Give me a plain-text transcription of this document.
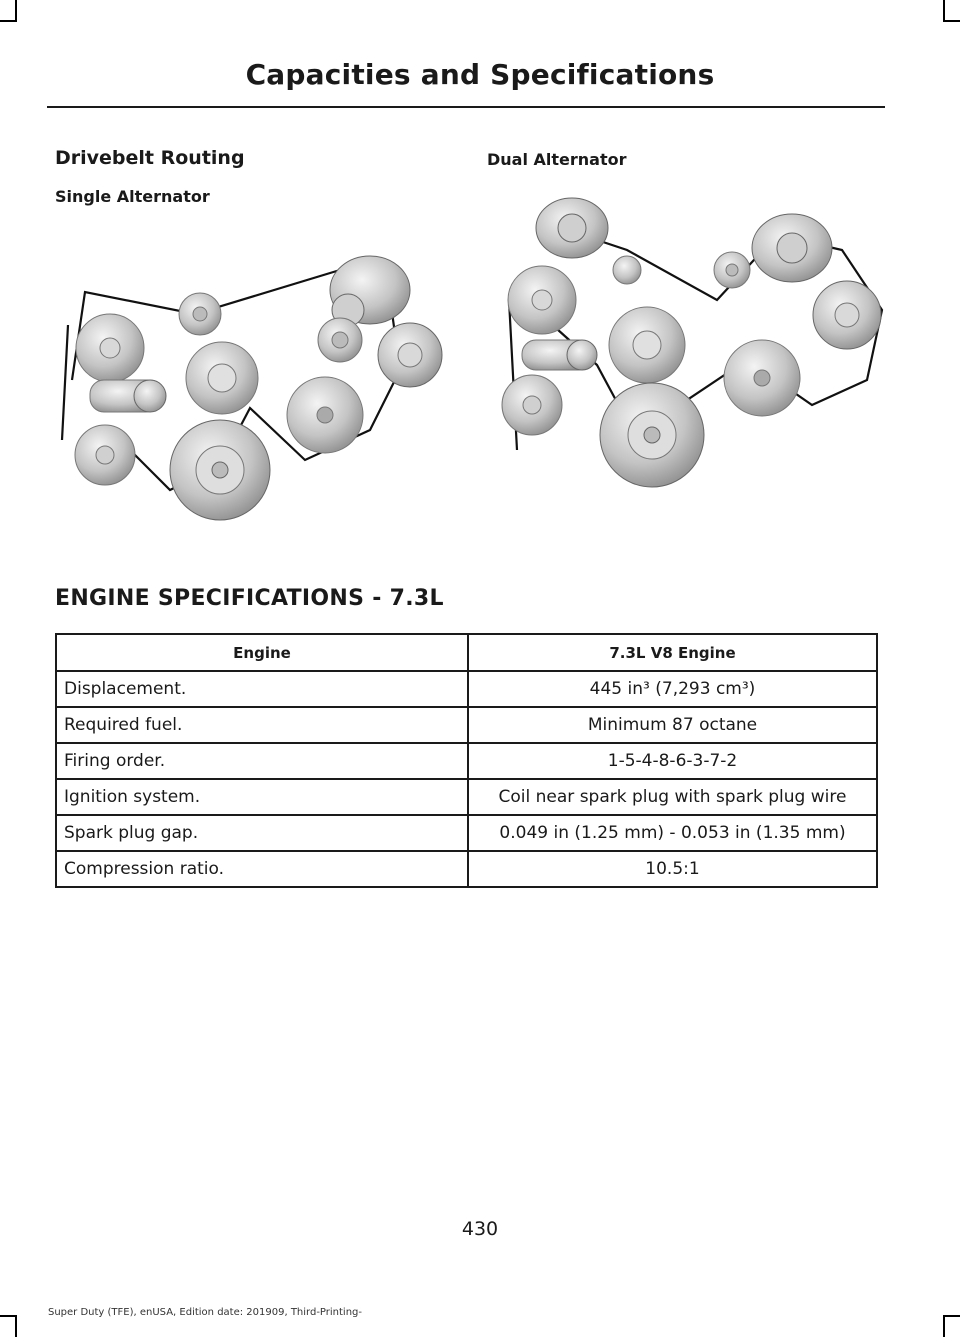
Capacities and Specifications
Drivebelt Routing
Single Alternator
Dual Alternator
ENGINE SPECIFICATIONS - 7.3L
Engine	7.3L V8 Engine
Displacement.	445 in³ (7,293 cm³)
Required fuel.	Minimum 87 octane
Firing order.	1-5-4-8-6-3-7-2
Ignition system.	Coil near spark plug with spark plug wire
Spark plug gap.	0.049 in (1.25 mm) - 0.053 in (1.35 mm)
Compression ratio.	10.5:1
430
Super Duty (TFE), enUSA, Edition date: 201909, Third-Printing-
